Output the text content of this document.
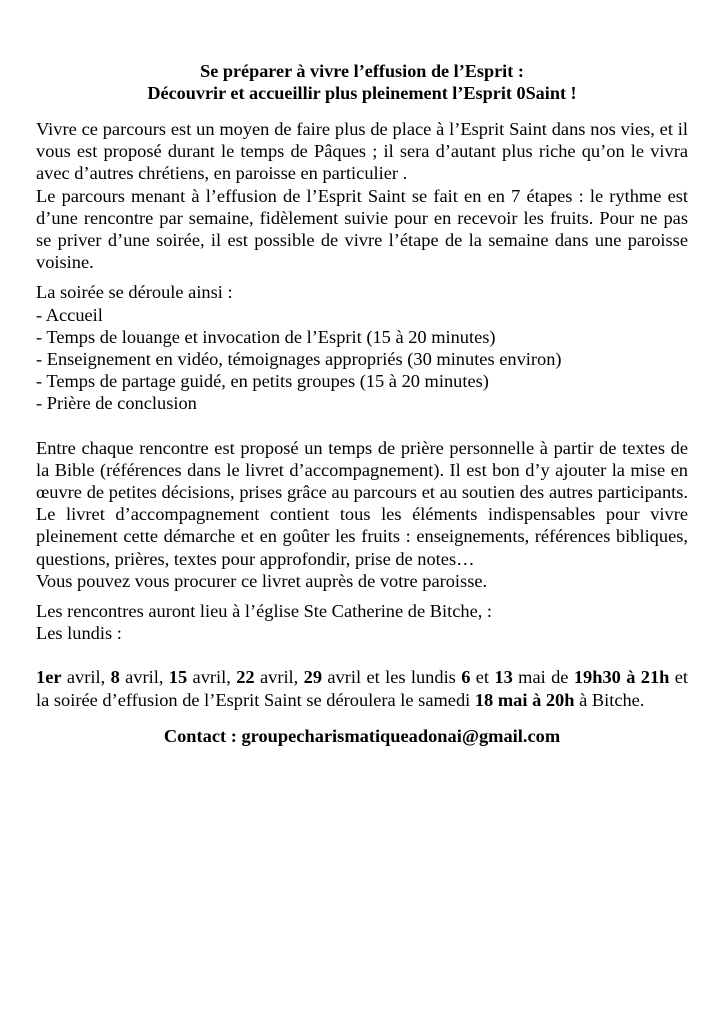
Se préparer à vivre l’effusion de l’Esprit :
Découvrir et accueillir plus pleinement l’Esprit 0Saint !

Vivre ce parcours est un moyen de faire plus de place à l’Esprit Saint dans nos vies, et il vous est proposé durant le temps de Pâques ; il sera d’autant plus riche qu’on le vivra avec d’autres chrétiens, en paroisse en particulier .

Le parcours menant à l’effusion de l’Esprit Saint se fait en en 7 étapes : le rythme est d’une rencontre par semaine, fidèlement suivie pour en recevoir les fruits. Pour ne pas se priver d’une soirée, il est possible de vivre l’étape de la semaine dans une paroisse voisine.

La soirée se déroule ainsi :

- Accueil
- Temps de louange et invocation de l’Esprit (15 à 20 minutes)
- Enseignement en vidéo, témoignages appropriés (30 minutes environ)
- Temps de partage guidé, en petits groupes (15 à 20 minutes)
- Prière de conclusion

Entre chaque rencontre est proposé un temps de prière personnelle à partir de textes de la Bible (références dans le livret d’accompagnement). Il est bon d’y ajouter la mise en œuvre de petites décisions, prises grâce au parcours et au soutien des autres participants. Le livret d’accompagnement contient tous les éléments indispensables pour vivre pleinement cette démarche et en goûter les fruits : enseignements, références bibliques, questions, prières, textes pour approfondir, prise de notes…

Vous pouvez vous procurer ce livret auprès de votre paroisse.

Les rencontres auront lieu à l’église Ste Catherine de Bitche, :

Les lundis :

1er avril, 8 avril, 15 avril, 22 avril, 29 avril et les lundis 6 et 13 mai de 19h30 à 21h et la soirée d’effusion de l’Esprit Saint se déroulera le samedi 18 mai à 20h à Bitche.

Contact : groupecharismatiqueadonai@gmail.com
